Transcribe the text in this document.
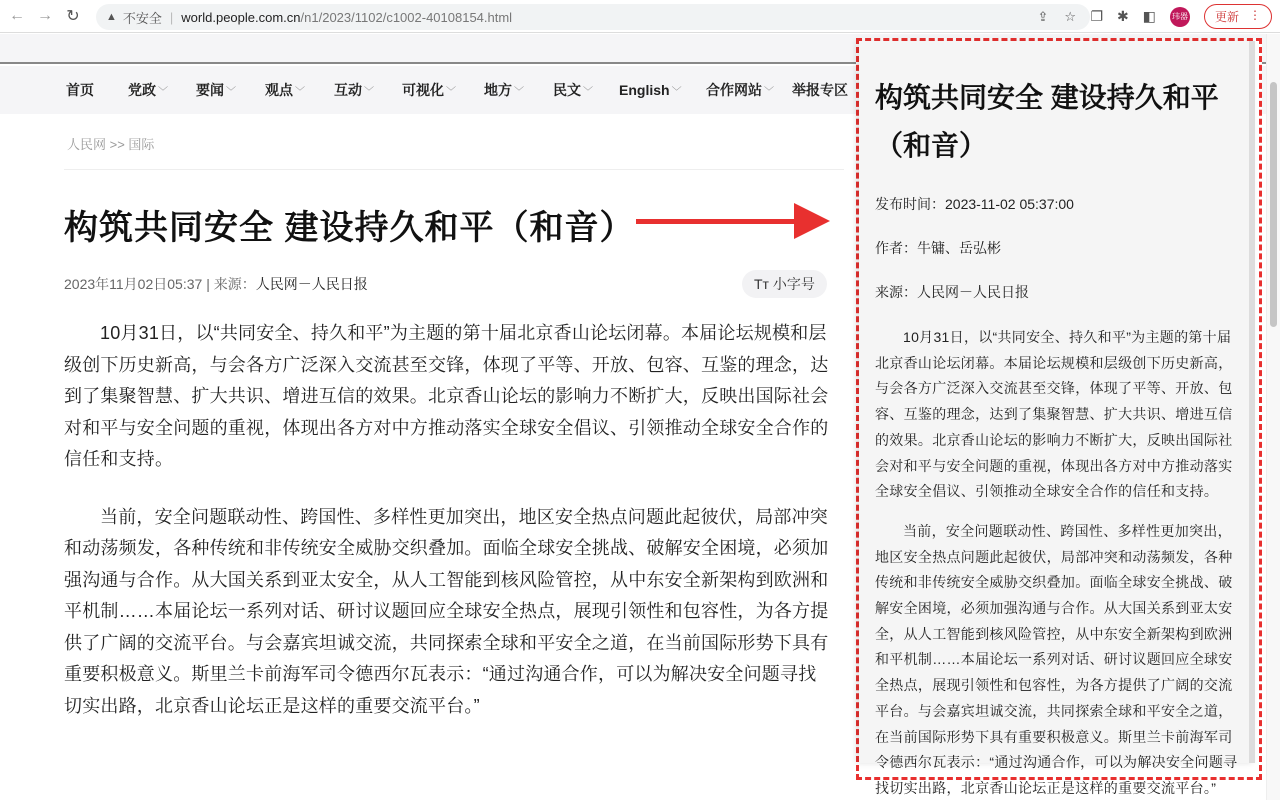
← → ↻	▲ 不安全 | world.people.com.cn /n1/2023/1102/c1002-40108154.html	⇪ ☆ ❐ ✱ ◧ 玮器 更新 ⋮
首页 党政 ﹀ 要闻 ﹀ 观点 ﹀ 互动 ﹀ 可视化 ﹀ 地方 ﹀ 民文 ﹀ English ﹀ 合作网站 ﹀ 举报专区
人民网 >> 国际
构筑共同安全 建设持久和平（和音）
2023年11月02日05:37 | 来源：人民网－人民日报	Tт 小字号

10月31日，以“共同安全、持久和平”为主题的第十届北京香山论坛闭幕。本届论坛规模和层级创下历史新高，与会各方广泛深入交流甚至交锋，体现了平等、开放、包容、互鉴的理念，达到了集聚智慧、扩大共识、增进互信的效果。北京香山论坛的影响力不断扩大，反映出国际社会对和平与安全问题的重视，体现出各方对中方推动落实全球安全倡议、引领推动全球安全合作的信任和支持。

当前，安全问题联动性、跨国性、多样性更加突出，地区安全热点问题此起彼伏，局部冲突和动荡频发，各种传统和非传统安全威胁交织叠加。面临全球安全挑战、破解安全困境，必须加强沟通与合作。从大国关系到亚太安全，从人工智能到核风险管控，从中东安全新架构到欧洲和平机制……本届论坛一系列对话、研讨议题回应全球安全热点，展现引领性和包容性，为各方提供了广阔的交流平台。与会嘉宾坦诚交流，共同探索全球和平安全之道，在当前国际形势下具有重要积极意义。斯里兰卡前海军司令德西尔瓦表示：“通过沟通合作，可以为解决安全问题寻找切实出路，北京香山论坛正是这样的重要交流平台。”

构筑共同安全 建设持久和平（和音）
发布时间：2023-11-02 05:37:00
作者：牛镛、岳弘彬
来源：人民网－人民日报

10月31日，以“共同安全、持久和平”为主题的第十届北京香山论坛闭幕。本届论坛规模和层级创下历史新高，与会各方广泛深入交流甚至交锋，体现了平等、开放、包容、互鉴的理念，达到了集聚智慧、扩大共识、增进互信的效果。北京香山论坛的影响力不断扩大，反映出国际社会对和平与安全问题的重视，体现出各方对中方推动落实全球安全倡议、引领推动全球安全合作的信任和支持。

当前，安全问题联动性、跨国性、多样性更加突出，地区安全热点问题此起彼伏，局部冲突和动荡频发，各种传统和非传统安全威胁交织叠加。面临全球安全挑战、破解安全困境，必须加强沟通与合作。从大国关系到亚太安全，从人工智能到核风险管控，从中东安全新架构到欧洲和平机制……本届论坛一系列对话、研讨议题回应全球安全热点，展现引领性和包容性，为各方提供了广阔的交流平台。与会嘉宾坦诚交流，共同探索全球和平安全之道，在当前国际形势下具有重要积极意义。斯里兰卡前海军司令德西尔瓦表示：“通过沟通合作，可以为解决安全问题寻找切实出路，北京香山论坛正是这样的重要交流平台。”
